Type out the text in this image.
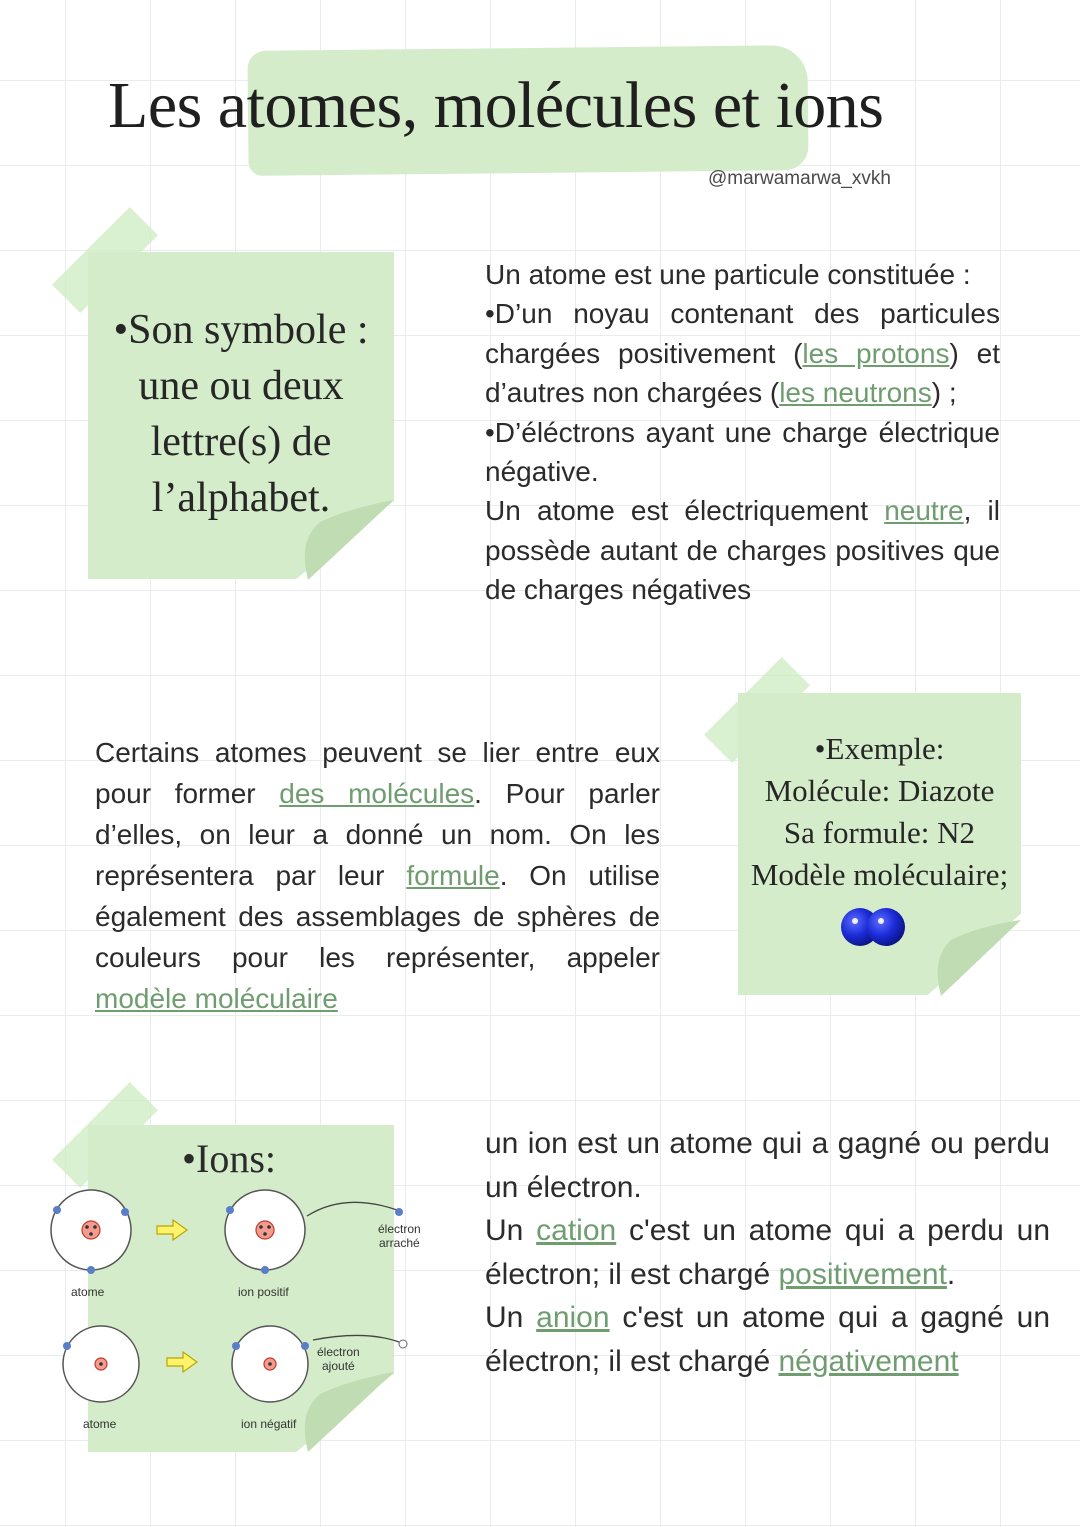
Les atomes, molécules et ions
@marwamarwa_xvkh
•Son symbole :
une ou deux
lettre(s) de
l’alphabet.

Un atome est une particule constituée :

•D’un noyau contenant des particules chargées positivement (les protons) et d’autres non chargées (les neutrons) ;

•D’éléctrons ayant une charge électrique négative.

Un atome est électriquement neutre, il possède autant de charges positives que de charges négatives

Certains atomes peuvent se lier entre eux pour former des molécules. Pour parler d’elles, on leur a donné un nom. On les représentera par leur formule. On utilise également des assemblages de sphères de couleurs pour les représenter, appeler modèle moléculaire

•Exemple:
Molécule: Diazote
Sa formule: N2
Modèle moléculaire;
•Ions:
atome	ion positif
électron
arraché
atome	ion négatif
électron
ajouté

un ion est un atome qui a gagné ou perdu un électron.

Un cation c'est un atome qui a perdu un électron; il est chargé positivement.

Un anion c'est un atome qui a gagné un électron; il est chargé négativement
